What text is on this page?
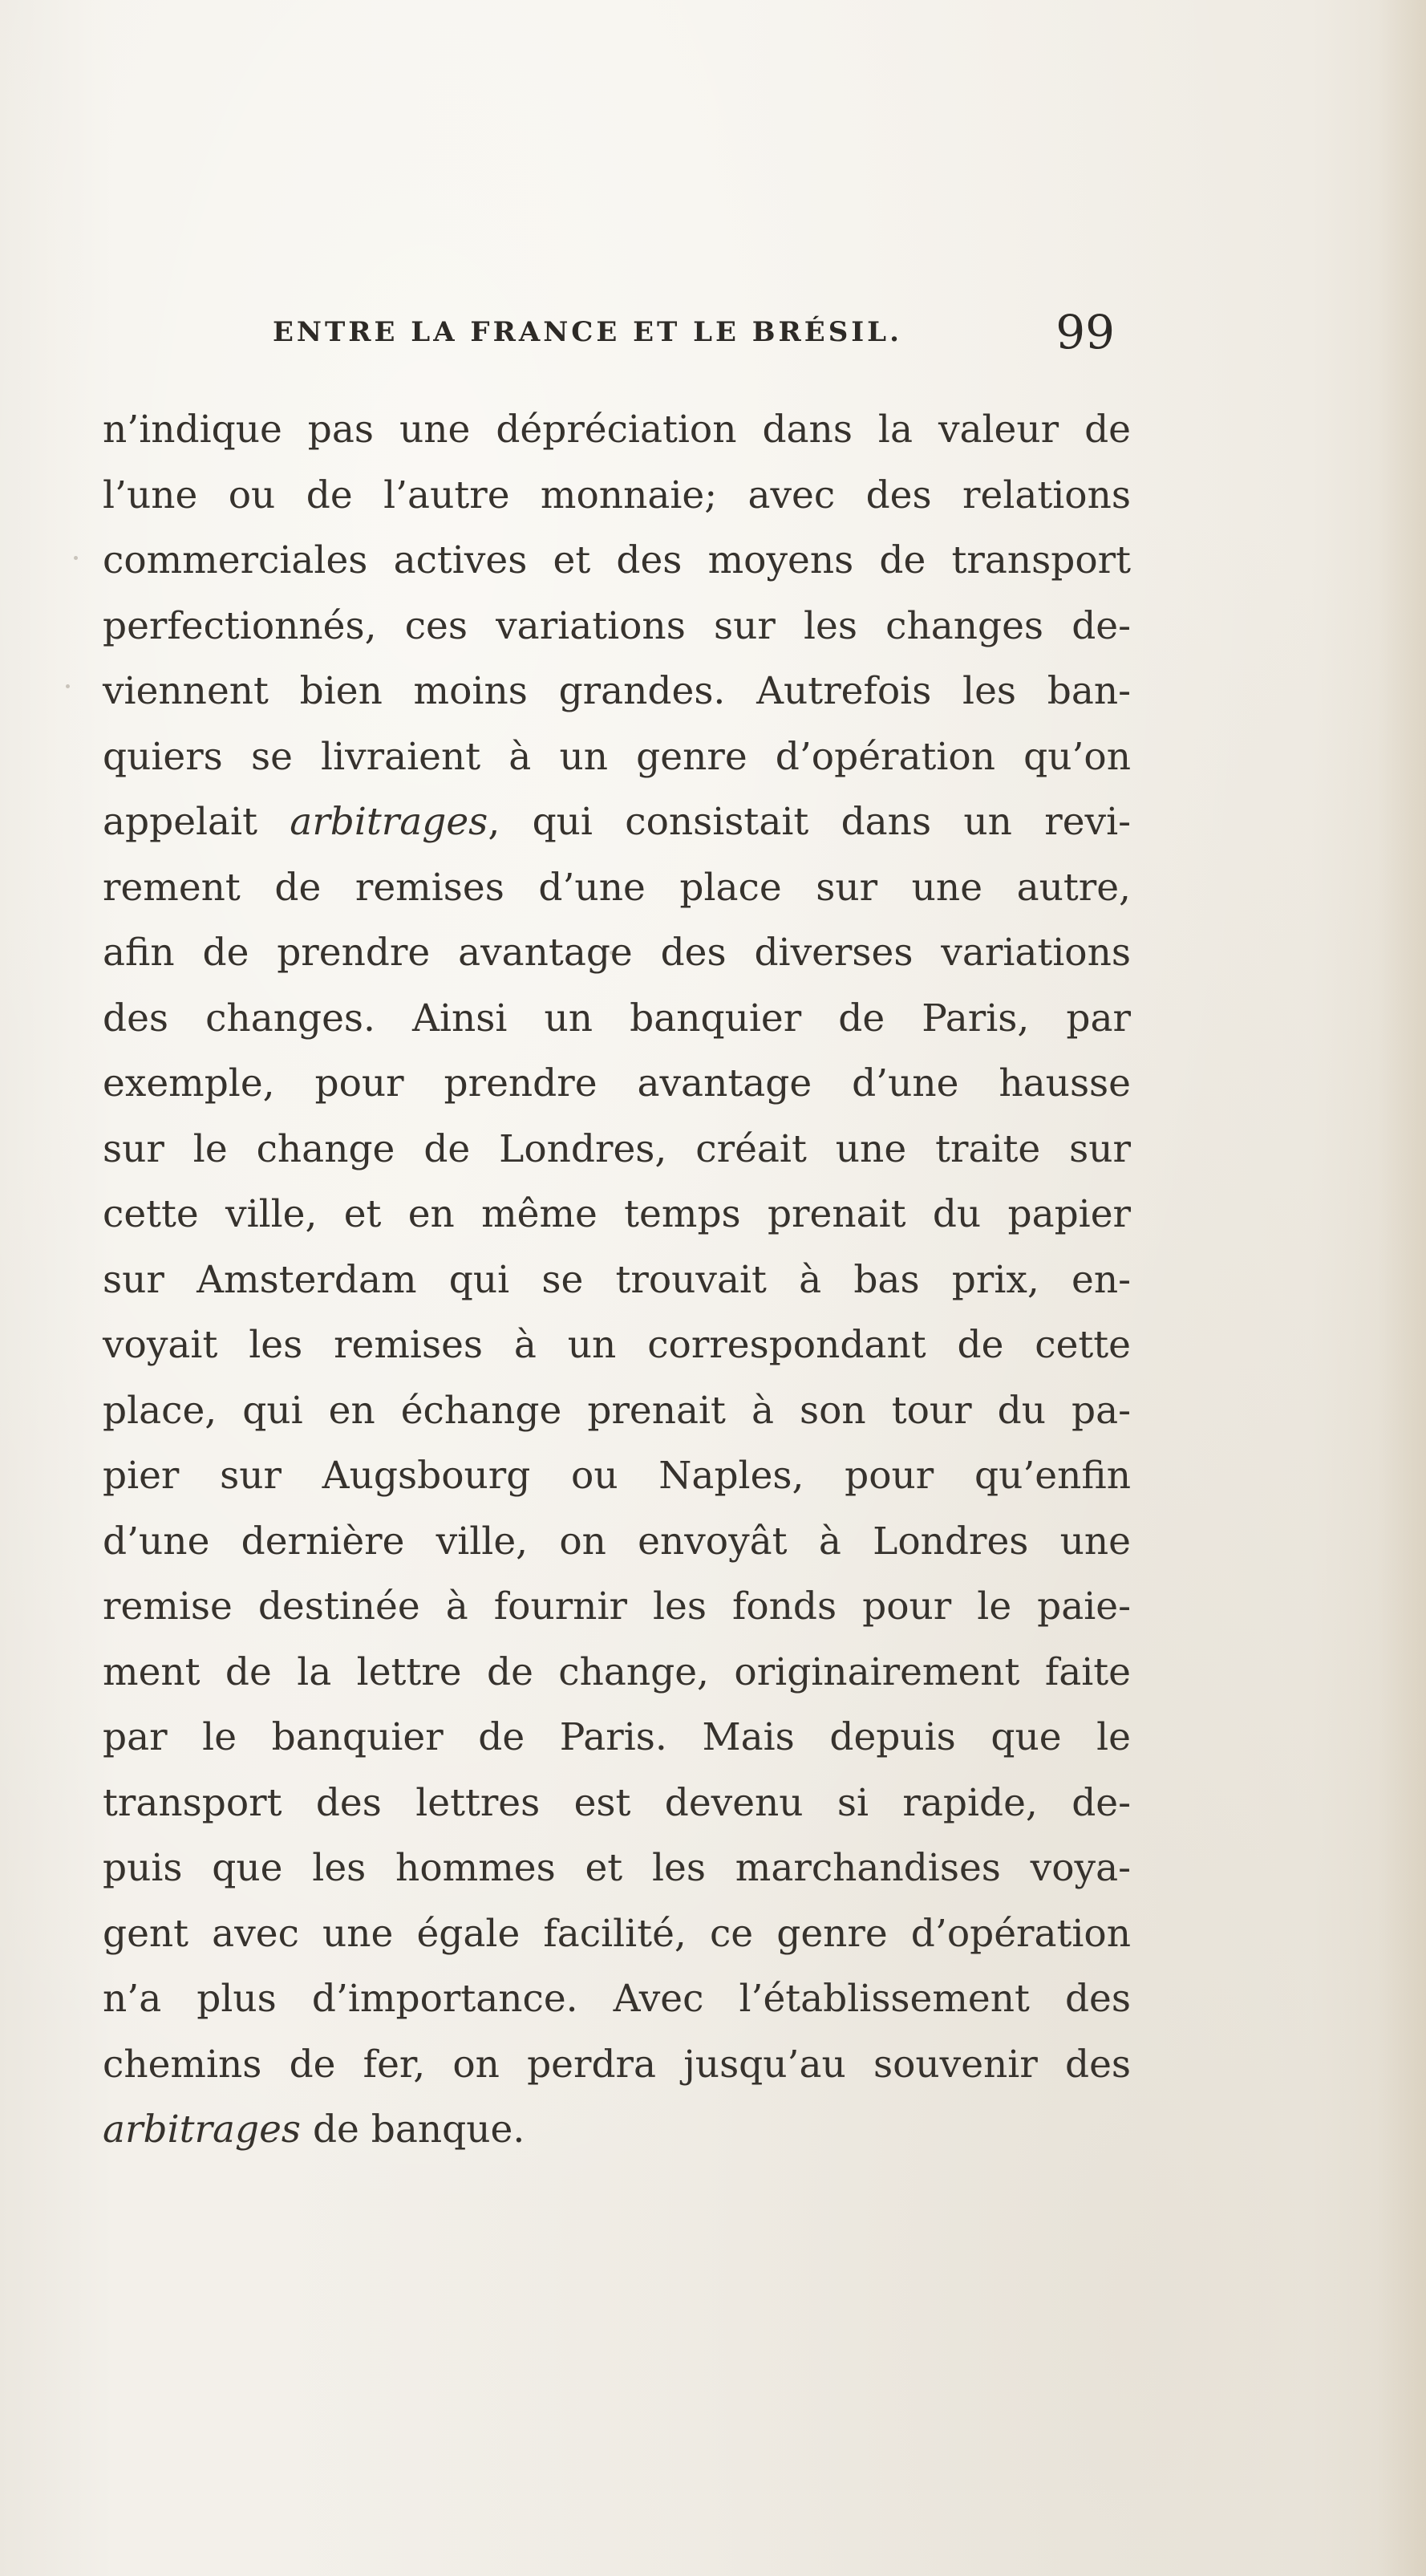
ENTRE LA FRANCE ET LE BRÉSIL.	99
n’indique pas une dépréciation dans la valeur de
l’une ou de l’autre monnaie; avec des relations
commerciales actives et des moyens de transport
perfectionnés, ces variations sur les changes de-
viennent bien moins grandes. Autrefois les ban-
quiers se livraient à un genre d’opération qu’on
appelait arbitrages, qui consistait dans un revi-
rement de remises d’une place sur une autre,
afin de prendre avantage des diverses variations
des changes. Ainsi un banquier de Paris, par
exemple, pour prendre avantage d’une hausse
sur le change de Londres, créait une traite sur
cette ville, et en même temps prenait du papier
sur Amsterdam qui se trouvait à bas prix, en-
voyait les remises à un correspondant de cette
place, qui en échange prenait à son tour du pa-
pier sur Augsbourg ou Naples, pour qu’enfin
d’une dernière ville, on envoyât à Londres une
remise destinée à fournir les fonds pour le paie-
ment de la lettre de change, originairement faite
par le banquier de Paris. Mais depuis que le
transport des lettres est devenu si rapide, de-
puis que les hommes et les marchandises voya-
gent avec une égale facilité, ce genre d’opération
n’a plus d’importance. Avec l’établissement des
chemins de fer, on perdra jusqu’au souvenir des
arbitrages de banque.
